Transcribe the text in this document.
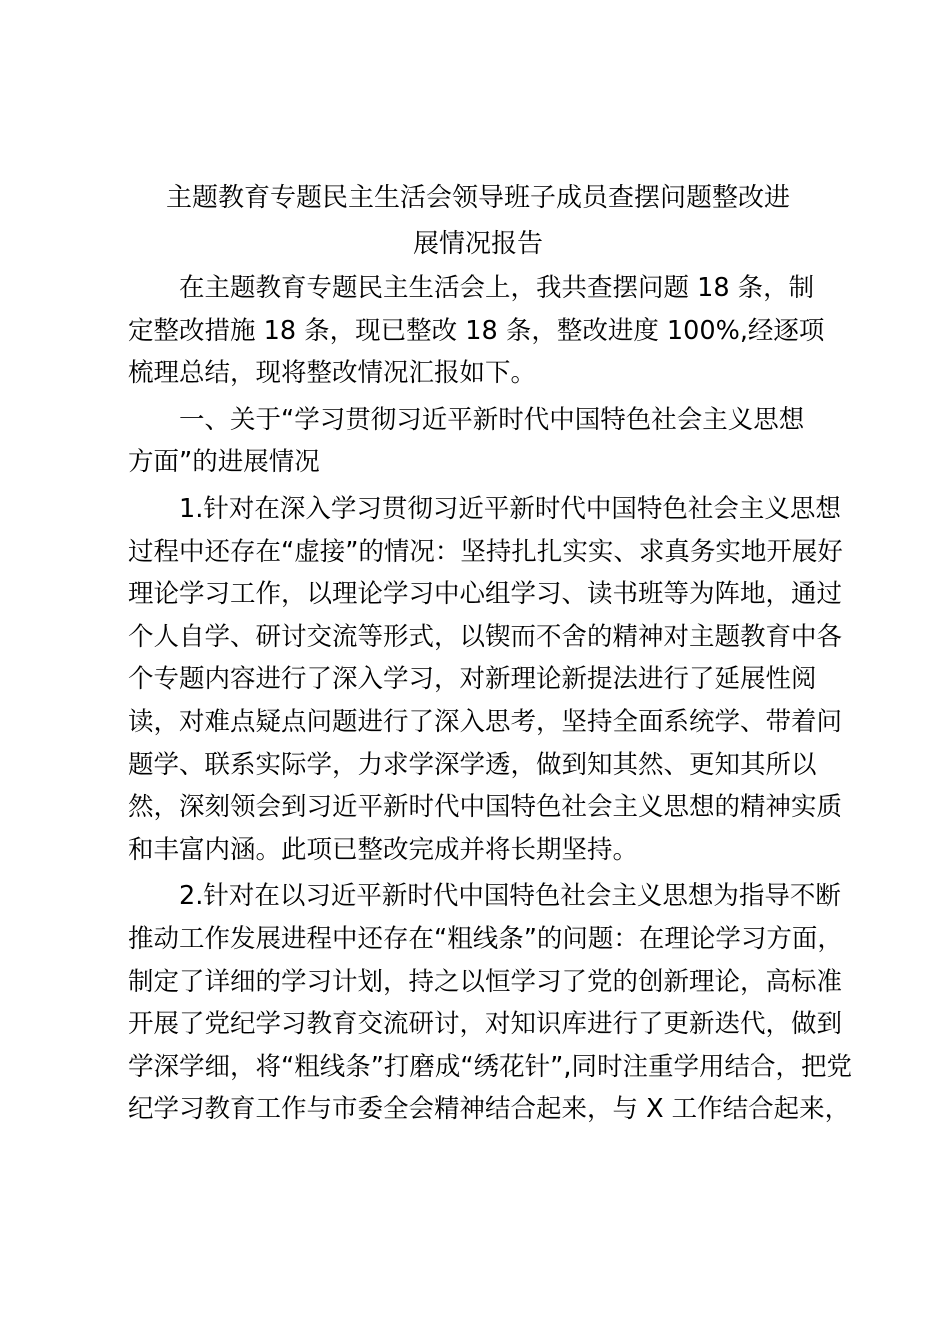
主题教育专题民主生活会领导班子成员查摆问题整改进
展情况报告
在主题教育专题民主生活会上，我共查摆问题 18 条，制
定整改措施 18 条，现已整改 18 条，整改进度 100%,经逐项
梳理总结，现将整改情况汇报如下。
一、关于“学习贯彻习近平新时代中国特色社会主义思想
方面”的进展情况
1.针对在深入学习贯彻习近平新时代中国特色社会主义思想
过程中还存在“虚接”的情况：坚持扎扎实实、求真务实地开展好
理论学习工作，以理论学习中心组学习、读书班等为阵地，通过
个人自学、研讨交流等形式，以锲而不舍的精神对主题教育中各
个专题内容进行了深入学习，对新理论新提法进行了延展性阅
读，对难点疑点问题进行了深入思考，坚持全面系统学、带着问
题学、联系实际学，力求学深学透，做到知其然、更知其所以
然，深刻领会到习近平新时代中国特色社会主义思想的精神实质
和丰富内涵。此项已整改完成并将长期坚持。
2.针对在以习近平新时代中国特色社会主义思想为指导不断
推动工作发展进程中还存在“粗线条”的问题：在理论学习方面，
制定了详细的学习计划，持之以恒学习了党的创新理论，高标准
开展了党纪学习教育交流研讨，对知识库进行了更新迭代，做到
学深学细，将“粗线条”打磨成“绣花针”,同时注重学用结合，把党
纪学习教育工作与市委全会精神结合起来，与 X 工作结合起来，
